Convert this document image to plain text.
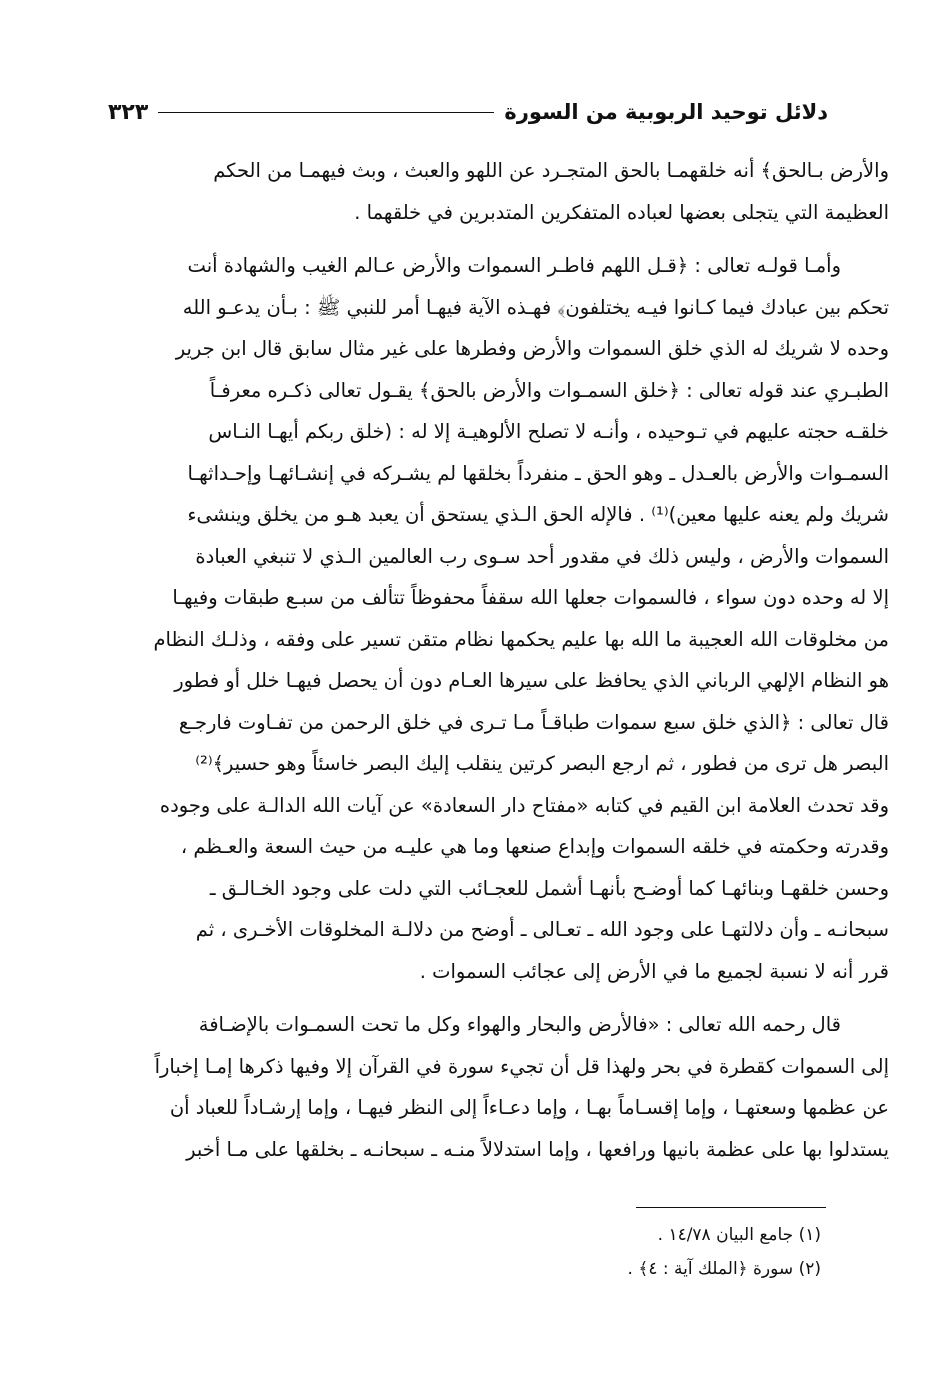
دلائل توحيد الربوبية من السورة
٣٢٣

والأرض بـالحق﴾ أنه خلقهمـا بالحق المتجـرد عن اللهو والعبث ، وبث فيهمـا من الحكم
العظيمة التي يتجلى بعضها لعباده المتفكرين المتدبرين في خلقهما .

وأمـا قولـه تعالى : ﴿قـل اللهم فاطـر السموات والأرض عـالم الغيب والشهادة أنت
تحكم بين عبادك فيما كـانوا فيـه يختلفون﴾ فهـذه الآية فيهـا أمر للنبي ﷺ : بـأن يدعـو الله
وحده لا شريك له الذي خلق السموات والأرض وفطرها على غير مثال سابق قال ابن جرير
الطبـري عند قوله تعالى : ﴿خلق السمـوات والأرض بالحق﴾ يقـول تعالى ذكـره معرفـاً
خلقـه حجته عليهم في تـوحيده ، وأنـه لا تصلح الألوهيـة إلا له : (خلق ربكم أيهـا النـاس
السمـوات والأرض بالعـدل ـ وهو الحق ـ منفرداً بخلقها لم يشـركه في إنشـائهـا وإحـداثهـا
شريك ولم يعنه عليها معين)⁽¹⁾ . فالإله الحق الـذي يستحق أن يعبد هـو من يخلق وينشىء
السموات والأرض ، وليس ذلك في مقدور أحد سـوى رب العالمين الـذي لا تنبغي العبادة
إلا له وحده دون سواء ، فالسموات جعلها الله سقفاً محفوظاً تتألف من سبـع طبقات وفيهـا
من مخلوقات الله العجيبة ما الله بها عليم يحكمها نظام متقن تسير على وفقه ، وذلـك النظام
هو النظام الإلهي الرباني الذي يحافظ على سيرها العـام دون أن يحصل فيهـا خلل أو فطور
قال تعالى : ﴿الذي خلق سبع سموات طباقـاً مـا تـرى في خلق الرحمن من تفـاوت فارجـع
البصر هل ترى من فطور ، ثم ارجع البصر كرتين ينقلب إليك البصر خاسئاً وهو حسير﴾⁽²⁾
وقد تحدث العلامة ابن القيم في كتابه «مفتاح دار السعادة» عن آيات الله الدالـة على وجوده
وقدرته وحكمته في خلقه السموات وإبداع صنعها وما هي عليـه من حيث السعة والعـظم ،
وحسن خلقهـا وبنائهـا كما أوضـح بأنهـا أشمل للعجـائب التي دلت على وجود الخـالـق ـ
سبحانـه ـ وأن دلالتهـا على وجود الله ـ تعـالى ـ أوضح من دلالـة المخلوقات الأخـرى ، ثم
قرر أنه لا نسبة لجميع ما في الأرض إلى عجائب السموات .

قال رحمه الله تعالى : «فالأرض والبحار والهواء وكل ما تحت السمـوات بالإضـافة
إلى السموات كقطرة في بحر ولهذا قل أن تجيء سورة في القرآن إلا وفيها ذكرها إمـا إخباراً
عن عظمها وسعتهـا ، وإما إقسـاماً بهـا ، وإما دعـاءاً إلى النظر فيهـا ، وإما إرشـاداً للعباد أن
يستدلوا بها على عظمة بانيها ورافعها ، وإما استدلالاً منـه ـ سبحانـه ـ بخلقها على مـا أخبر

(١) جامع البيان ١٤/٧٨ .
(٢) سورة ﴿الملك آية : ٤﴾ .
